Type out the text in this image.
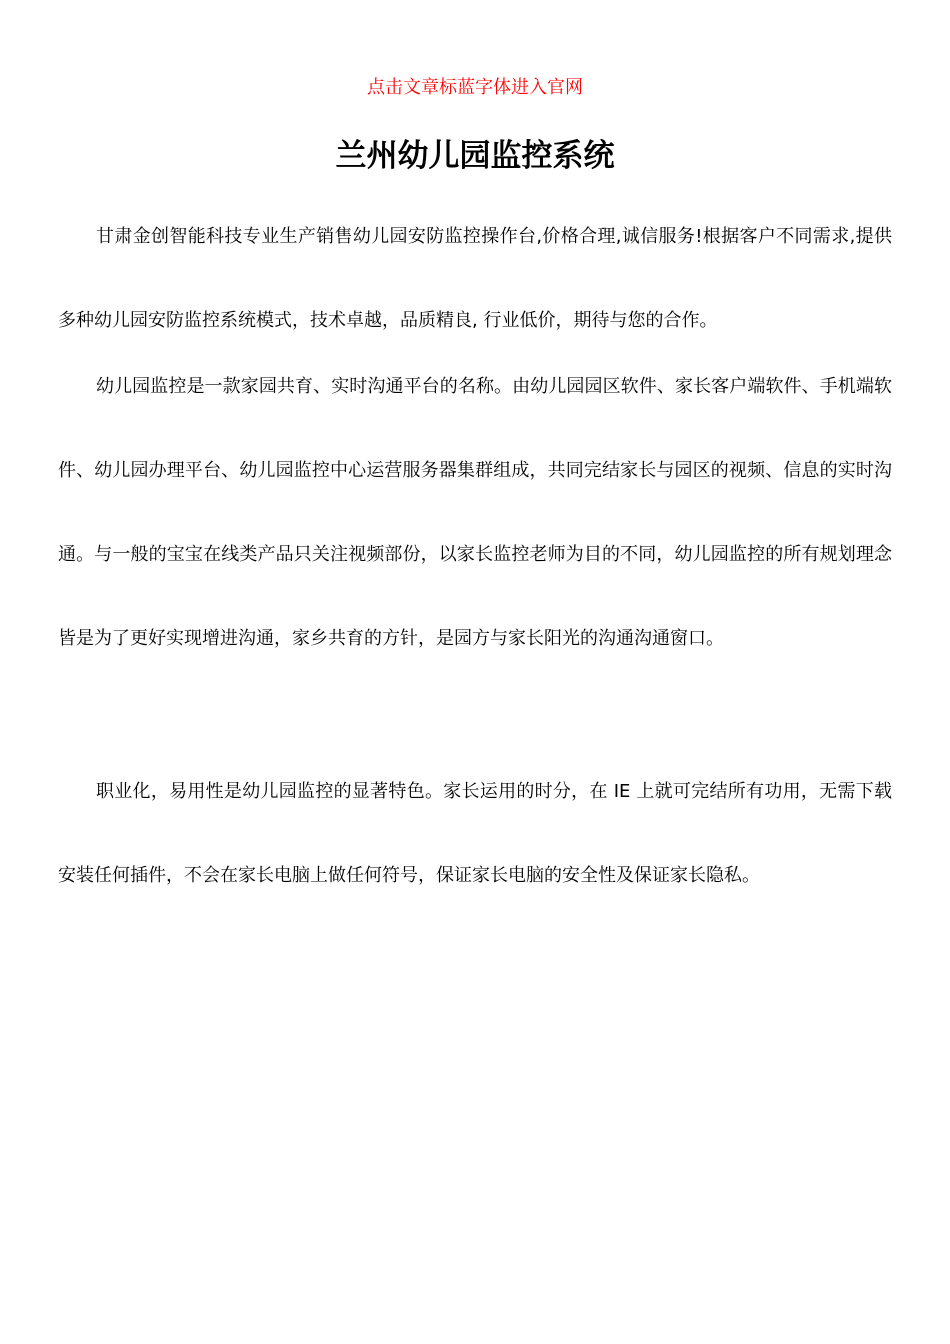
点击文章标蓝字体进入官网
兰州幼儿园监控系统

甘肃金创智能科技专业生产销售幼儿园安防监控操作台,价格合理,诚信服务!根据客户不同需求,提供多种幼儿园安防监控系统模式，技术卓越，品质精良, 行业低价，期待与您的合作。

幼儿园监控是一款家园共育、实时沟通平台的名称。由幼儿园园区软件、家长客户端软件、手机端软件、幼儿园办理平台、幼儿园监控中心运营服务器集群组成，共同完结家长与园区的视频、信息的实时沟通。与一般的宝宝在线类产品只关注视频部份，以家长监控老师为目的不同，幼儿园监控的所有规划理念皆是为了更好实现增进沟通，家乡共育的方针，是园方与家长阳光的沟通沟通窗口。

职业化，易用性是幼儿园监控的显著特色。家长运用的时分，在 IE 上就可完结所有功用，无需下载安装任何插件，不会在家长电脑上做任何符号，保证家长电脑的安全性及保证家长隐私。
